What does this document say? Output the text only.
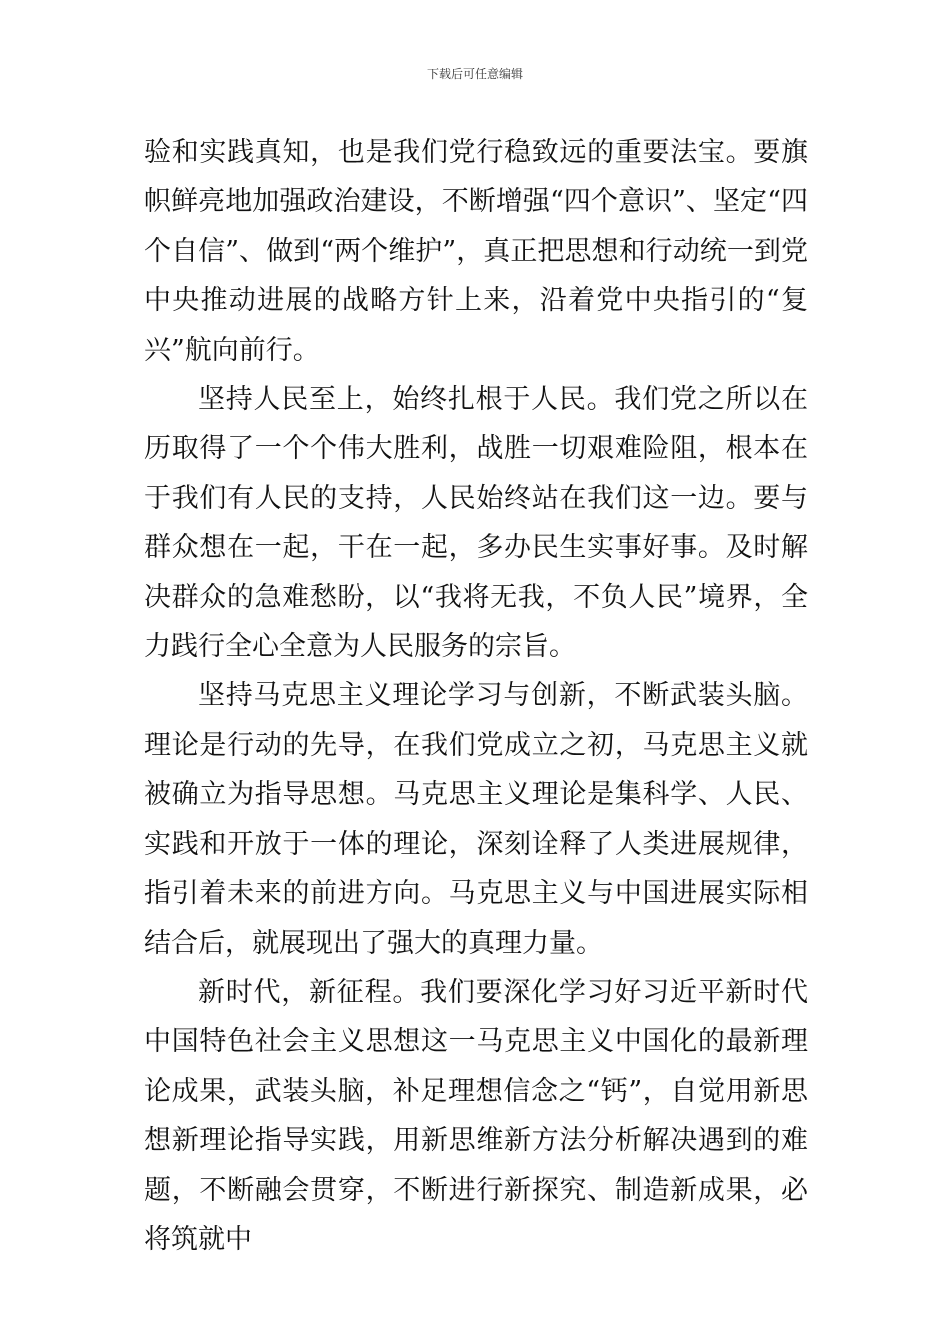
下载后可任意编辑

验和实践真知，也是我们党行稳致远的重要法宝。要旗帜鲜亮地加强政治建设，不断增强“四个意识”、坚定“四个自信”、做到“两个维护”，真正把思想和行动统一到党中央推动进展的战略方针上来，沿着党中央指引的“复兴”航向前行。

坚持人民至上，始终扎根于人民。我们党之所以在历取得了一个个伟大胜利，战胜一切艰难险阻，根本在于我们有人民的支持，人民始终站在我们这一边。要与群众想在一起，干在一起，多办民生实事好事。及时解决群众的急难愁盼，以“我将无我，不负人民”境界，全力践行全心全意为人民服务的宗旨。

坚持马克思主义理论学习与创新，不断武装头脑。理论是行动的先导，在我们党成立之初，马克思主义就被确立为指导思想。马克思主义理论是集科学、人民、实践和开放于一体的理论，深刻诠释了人类进展规律，指引着未来的前进方向。马克思主义与中国进展实际相结合后，就展现出了强大的真理力量。

新时代，新征程。我们要深化学习好习近平新时代中国特色社会主义思想这一马克思主义中国化的最新理论成果，武装头脑，补足理想信念之“钙”，自觉用新思想新理论指导实践，用新思维新方法分析解决遇到的难题，不断融会贯穿，不断进行新探究、制造新成果，必将筑就中
